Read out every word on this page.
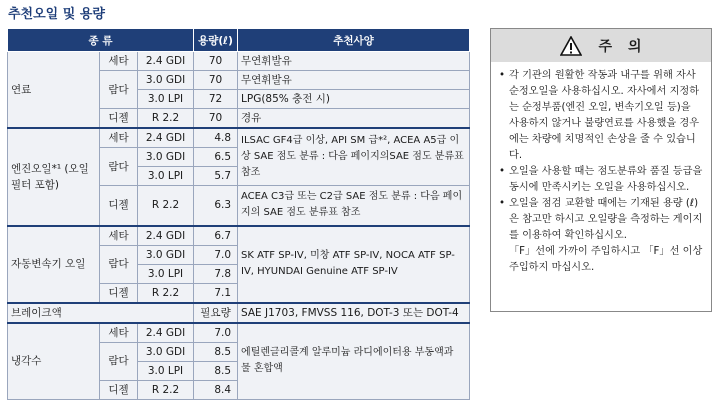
추천오일 및 용량
종 류			용량(ℓ)	추천사양
연료	세타	2.4 GDI	70	무연휘발유
	람다	3.0 GDI	70	무연휘발유
		3.0 LPI	72	LPG(85% 충전 시)
	디젤	R 2.2	70	경유
엔진오일*¹ (오일 필터 포함)	세타	2.4 GDI	4.8	ILSAC GF4급 이상, API SM 급*², ACEA A5급 이상 SAE 점도 분류 : 다음 페이지의SAE 점도 분류표 참조
	람다	3.0 GDI	6.5	
		3.0 LPI	5.7	
	디젤	R 2.2	6.3	ACEA C3급 또는 C2급 SAE 점도 분류 : 다음 페이지의 SAE 점도 분류표 참조
자동변속기 오일	세타	2.4 GDI	6.7	SK ATF SP-IV, 미창 ATF SP-IV, NOCA ATF SP-IV, HYUNDAI Genuine ATF SP-IV
	람다	3.0 GDI	7.0	
		3.0 LPI	7.8	
	디젤	R 2.2	7.1	
브레이크액			필요량	SAE J1703, FMVSS 116, DOT-3 또는 DOT-4
냉각수	세타	2.4 GDI	7.0	에틸렌글리콜계 알루미늄 라디에이터용 부동액과 물 혼합액
	람다	3.0 GDI	8.5	
		3.0 LPI	8.5	
	디젤	R 2.2	8.4	
주 의
• 각 기관의 원활한 작동과 내구를 위해 자사 순정오일을 사용하십시오. 자사에서 지정하는 순정부품(엔진 오일, 변속기오일 등)을 사용하지 않거나 불량연료를 사용했을 경우에는 차량에 치명적인 손상을 줄 수 있습니다.
• 오일을 사용할 때는 점도분류와 품질 등급을 동시에 만족시키는 오일을 사용하십시오.
• 오일을 점검 교환할 때에는 기재된 용량 (ℓ)은 참고만 하시고 오일량을 측정하는 게이지를 이용하여 확인하십시오.

「F」선에 가까이 주입하시고 「F」선 이상 주입하지 마십시오.
